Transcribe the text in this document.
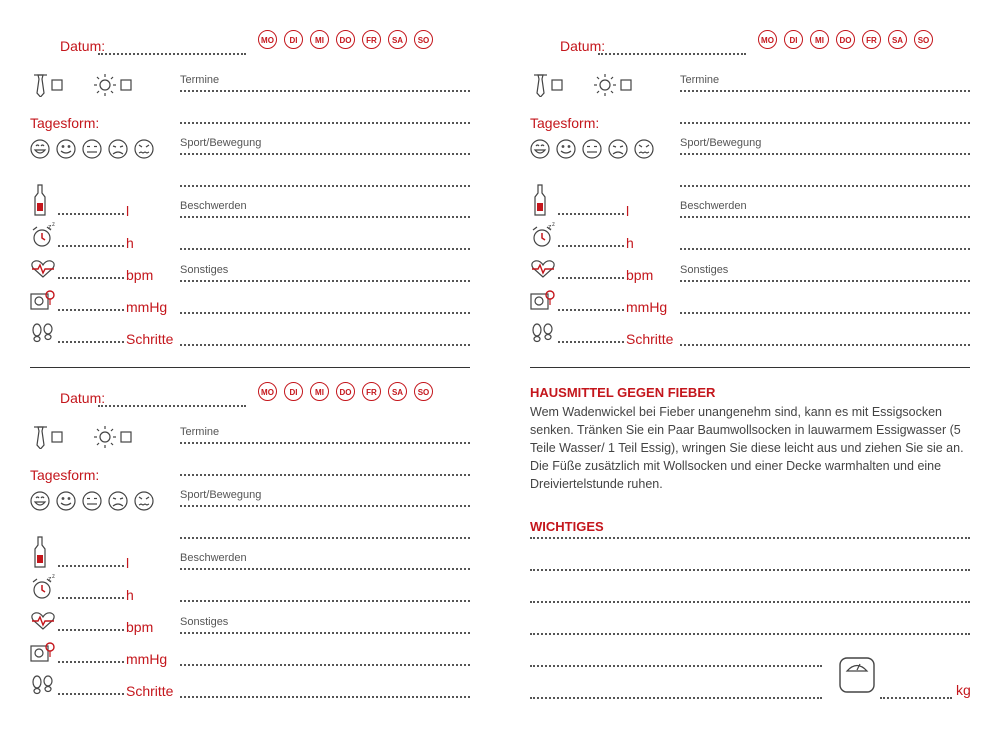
Datum:	MO	DI	MI	DO	FR	SA	SO
Tagesform:
l
z z
h
bpm
mmHg
Schritte
Termine
Sport/Bewegung
Beschwerden
Sonstiges
Datum:	MO	DI	MI	DO	FR	SA	SO
Tagesform:
l
z z
h
bpm
mmHg
Schritte
Termine
Sport/Bewegung
Beschwerden
Sonstiges
Datum:	MO	DI	MI	DO	FR	SA	SO
Tagesform:
l
z z
h
bpm
mmHg
Schritte
Termine
Sport/Bewegung
Beschwerden
Sonstiges
HAUSMITTEL GEGEN FIEBER
Wem Wadenwickel bei Fieber unangenehm sind, kann es mit Essigsocken senken. Tränken Sie ein Paar Baumwollsocken in lauwarmem Essigwasser (5 Teile Wasser/ 1 Teil Essig), wringen Sie diese leicht aus und ziehen Sie sie an. Die Füße zusätzlich mit Wollsocken und einer Decke warmhalten und eine Dreiviertelstunde ruhen.
WICHTIGES
kg
